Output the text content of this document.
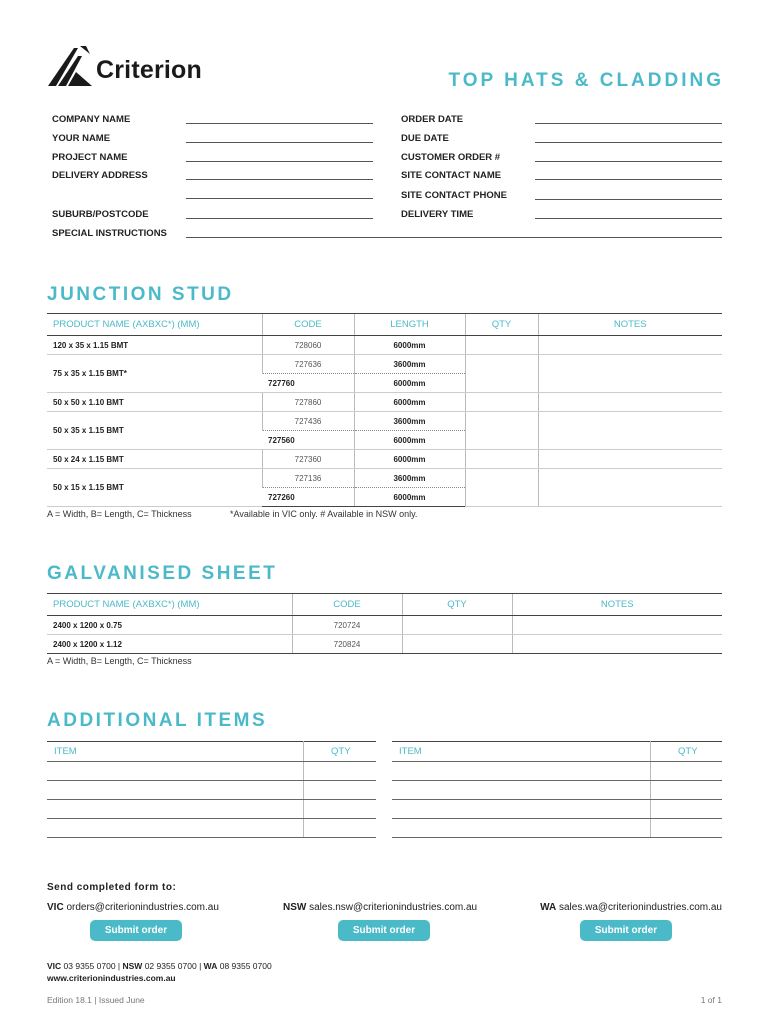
Criterion	TOP HATS & CLADDING
COMPANY NAME
YOUR NAME
PROJECT NAME
DELIVERY ADDRESS
SUBURB/POSTCODE
ORDER DATE
DUE DATE
CUSTOMER ORDER #
SITE CONTACT NAME
SITE CONTACT PHONE
DELIVERY TIME
SPECIAL INSTRUCTIONS
JUNCTION STUD
PRODUCT NAME (AXBXC*) (MM)	CODE	LENGTH	QTY	NOTES
120 x 35 x 1.15 BMT	728060	6000mm		
75 x 35 x 1.15 BMT*	727636	3600mm		
	727760	6000mm		
50 x 50 x 1.10 BMT	727860	6000mm		
50 x 35 x 1.15 BMT	727436	3600mm		
	727560	6000mm		
50 x 24 x 1.15 BMT	727360	6000mm		
50 x 15 x 1.15 BMT	727136	3600mm		
	727260	6000mm		
A = Width, B= Length, C= Thickness	*Available in VIC only. # Available in NSW only.
GALVANISED SHEET
PRODUCT NAME (AXBXC*) (MM)	CODE	QTY	NOTES
2400 x 1200 x 0.75	720724		
2400 x 1200 x 1.12	720824		
A = Width, B= Length, C= Thickness
ADDITIONAL ITEMS
ITEM	QTY	ITEM	QTY
Send completed form to:
VIC orders@criterionindustries.com.au	NSW sales.nsw@criterionindustries.com.au	WA sales.wa@criterionindustries.com.au
Submit order	Submit order	Submit order
VIC 03 9355 0700 | NSW 02 9355 0700 | WA 08 9355 0700
www.criterionindustries.com.au
Edition 18.1 | Issued June	1 of 1
